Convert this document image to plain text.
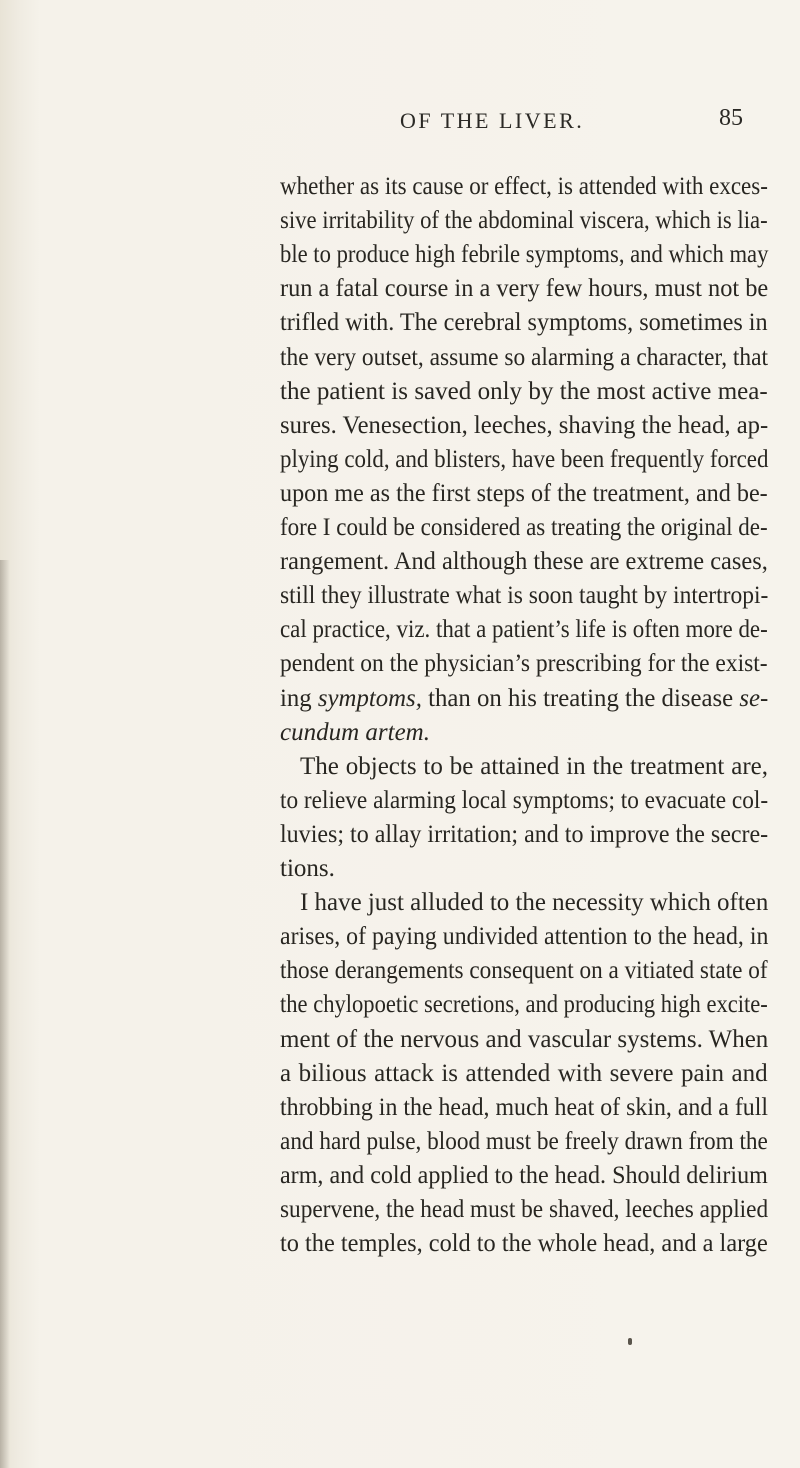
OF THE LIVER.	85
whether as its cause or effect, is attended with exces-
sive irritability of the abdominal viscera, which is lia-
ble to produce high febrile symptoms, and which may
run a fatal course in a very few hours, must not be
trifled with. The cerebral symptoms, sometimes in
the very outset, assume so alarming a character, that
the patient is saved only by the most active mea-
sures. Venesection, leeches, shaving the head, ap-
plying cold, and blisters, have been frequently forced
upon me as the first steps of the treatment, and be-
fore I could be considered as treating the original de-
rangement. And although these are extreme cases,
still they illustrate what is soon taught by intertropi-
cal practice, viz. that a patient’s life is often more de-
pendent on the physician’s prescribing for the exist-
ing symptoms, than on his treating the disease se-
cundum artem.
The objects to be attained in the treatment are,
to relieve alarming local symptoms; to evacuate col-
luvies; to allay irritation; and to improve the secre-
tions.
I have just alluded to the necessity which often
arises, of paying undivided attention to the head, in
those derangements consequent on a vitiated state of
the chylopoetic secretions, and producing high excite-
ment of the nervous and vascular systems. When
a bilious attack is attended with severe pain and
throbbing in the head, much heat of skin, and a full
and hard pulse, blood must be freely drawn from the
arm, and cold applied to the head. Should delirium
supervene, the head must be shaved, leeches applied
to the temples, cold to the whole head, and a large
